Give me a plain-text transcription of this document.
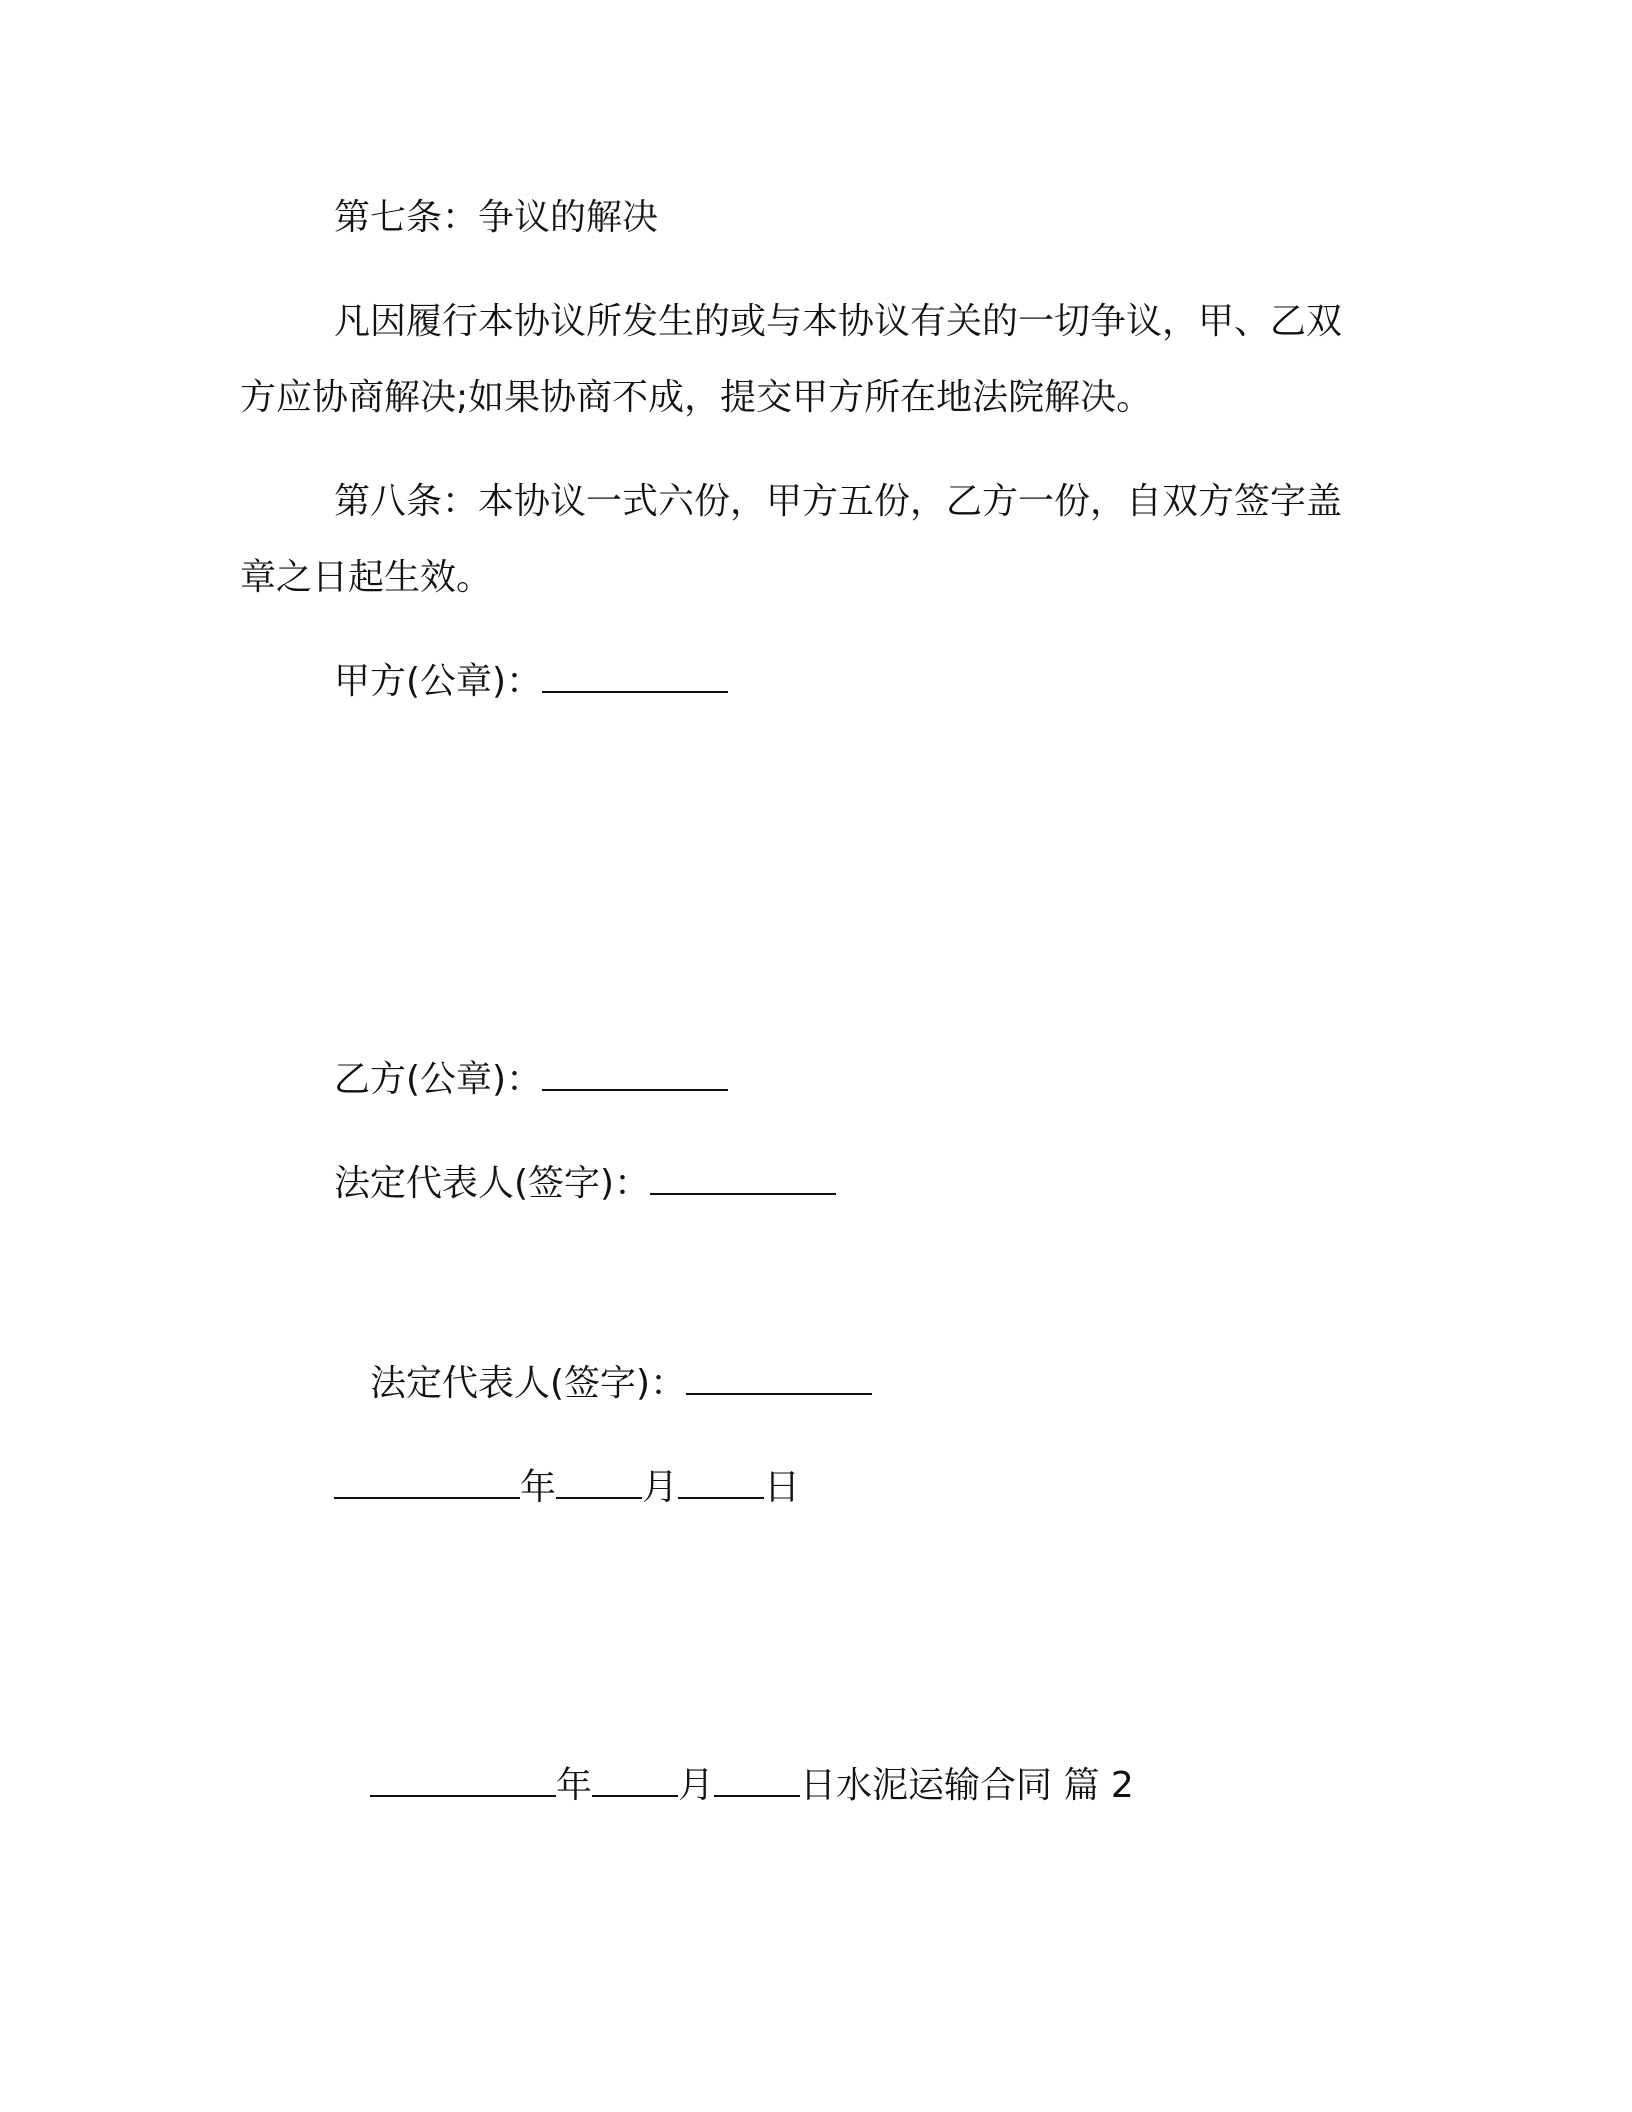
第七条：争议的解决
凡因履行本协议所发生的或与本协议有关的一切争议，甲、乙双
方应协商解决;如果协商不成，提交甲方所在地法院解决。
第八条：本协议一式六份，甲方五份，乙方一份，自双方签字盖
章之日起生效。
甲方(公章)：
乙方(公章)：
法定代表人(签字)：
法定代表人(签字)：
年 月 日
年 月 日水泥运输合同 篇 2
